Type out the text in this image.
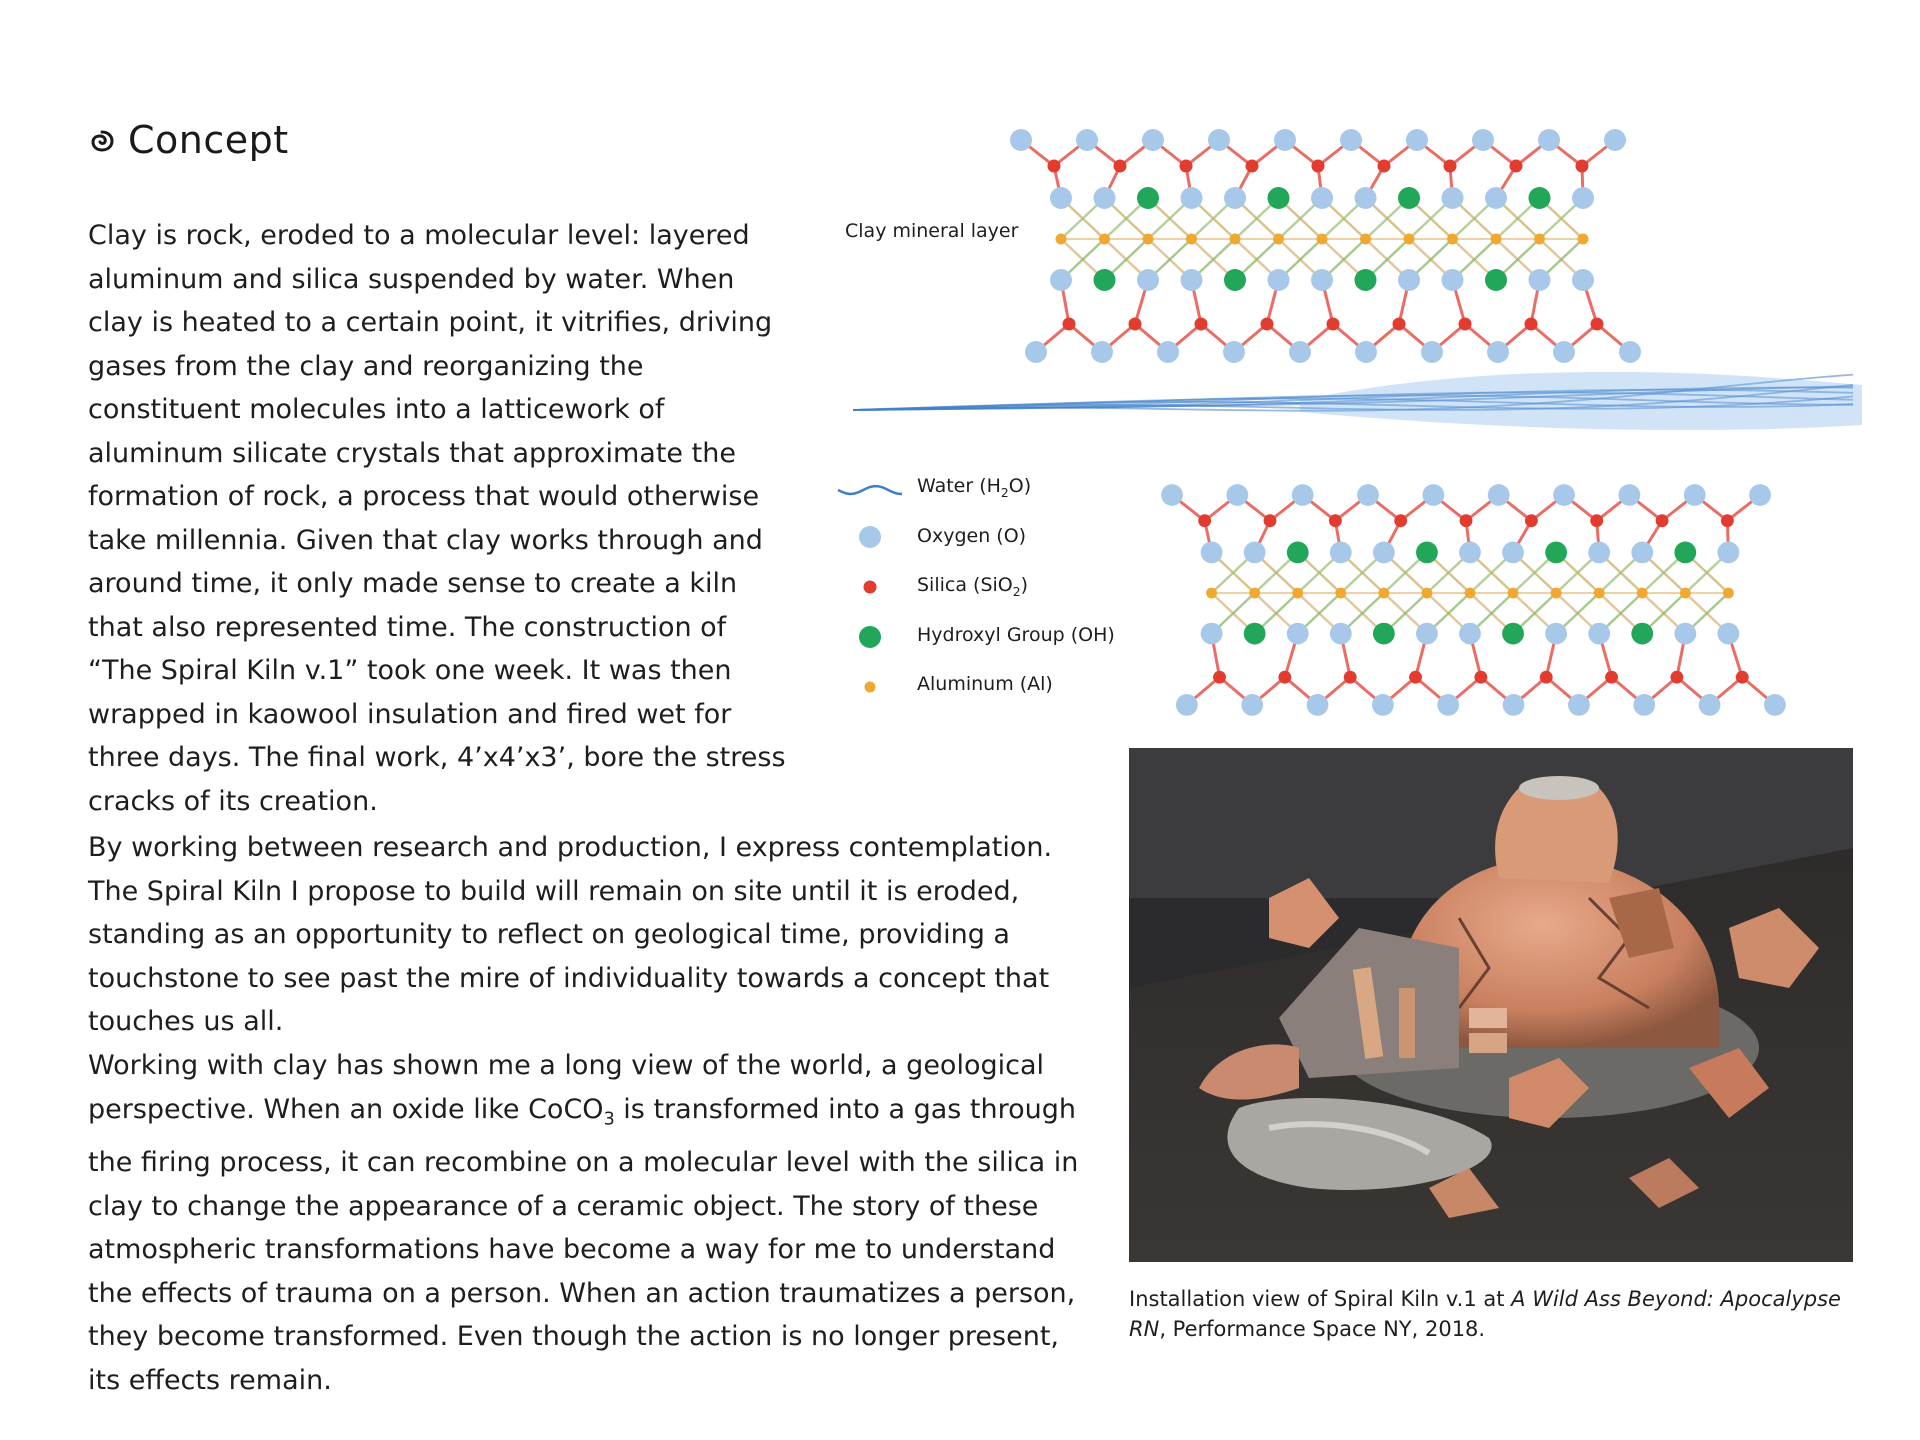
Concept

Clay is rock, eroded to a molecular level: layered aluminum and silica suspended by water. When clay is heated to a certain point, it vitrifies, driving gases from the clay and reorganizing the constituent molecules into a latticework of aluminum silicate crystals that approximate the formation of rock, a process that would otherwise take millennia. Given that clay works through and around time, it only made sense to create a kiln that also represented time. The construction of “The Spiral Kiln v.1” took one week. It was then wrapped in kaowool insulation and fired wet for three days. The final work, 4’x4’x3’, bore the stress cracks of its creation.

By working between research and production, I express contemplation. The Spiral Kiln I propose to build will remain on site until it is eroded, standing as an opportunity to reflect on geological time, providing a touchstone to see past the mire of individuality towards a concept that touches us all.

Working with clay has shown me a long view of the world, a geological perspective. When an oxide like CoCO$_3$ is transformed into a gas through the firing process, it can recombine on a molecular level with the silica in clay to change the appearance of a ceramic object. The story of these atmospheric transformations have become a way for me to understand the effects of trauma on a person. When an action traumatizes a person, they become transformed. Even though the action is no longer present, its effects remain.

Clay mineral layer
Water $(H_2O)$
Oxygen (O)
Silica (SiO$_2$)
Hydroxyl Group (OH)
Aluminum (Al)
Installation view of Spiral Kiln v.1 at A Wild Ass Beyond: Apocalypse RN, Performance Space NY, 2018.
